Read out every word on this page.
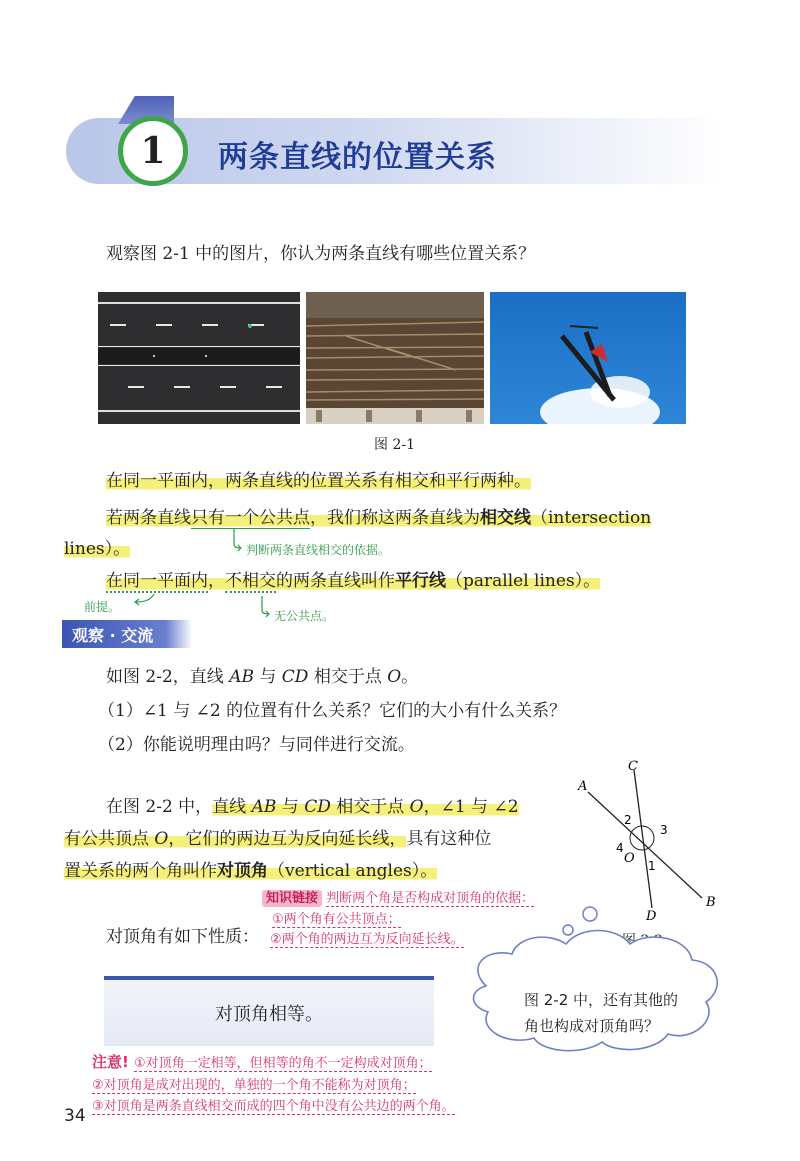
1	两条直线的位置关系
观察图 2-1 中的图片，你认为两条直线有哪些位置关系？
图 2-1
在同一平面内，两条直线的位置关系有相交和平行两种。
若两条直线只有一个公共点，我们称这两条直线为相交线（intersection
lines）。	判断两条直线相交的依据。
在同一平面内，不相交的两条直线叫作平行线（parallel lines）。
前提。
无公共点。
观察 · 交流
如图 2-2，直线 AB 与 CD 相交于点 O。
（1）∠1 与 ∠2 的位置有什么关系？它们的大小有什么关系？
（2）你能说明理由吗？与同伴进行交流。
在图 2-2 中，直线 AB 与 CD 相交于点 O，∠1 与 ∠2
有公共顶点 O，它们的两边互为反向延长线，具有这种位
置关系的两个角叫作对顶角（vertical angles）。
知识链接 判断两个角是否构成对顶角的依据：
①两个角有公共顶点；
②两个角的两边互为反向延长线。
对顶角有如下性质：
对顶角相等。
A
B
C
D
O 1
2
3
4
图 2-2 中，还有其他的
角也构成对顶角吗？
注意! ①对顶角一定相等，但相等的角不一定构成对顶角；
②对顶角是成对出现的，单独的一个角不能称为对顶角；
③对顶角是两条直线相交而成的四个角中没有公共边的两个角。
34
